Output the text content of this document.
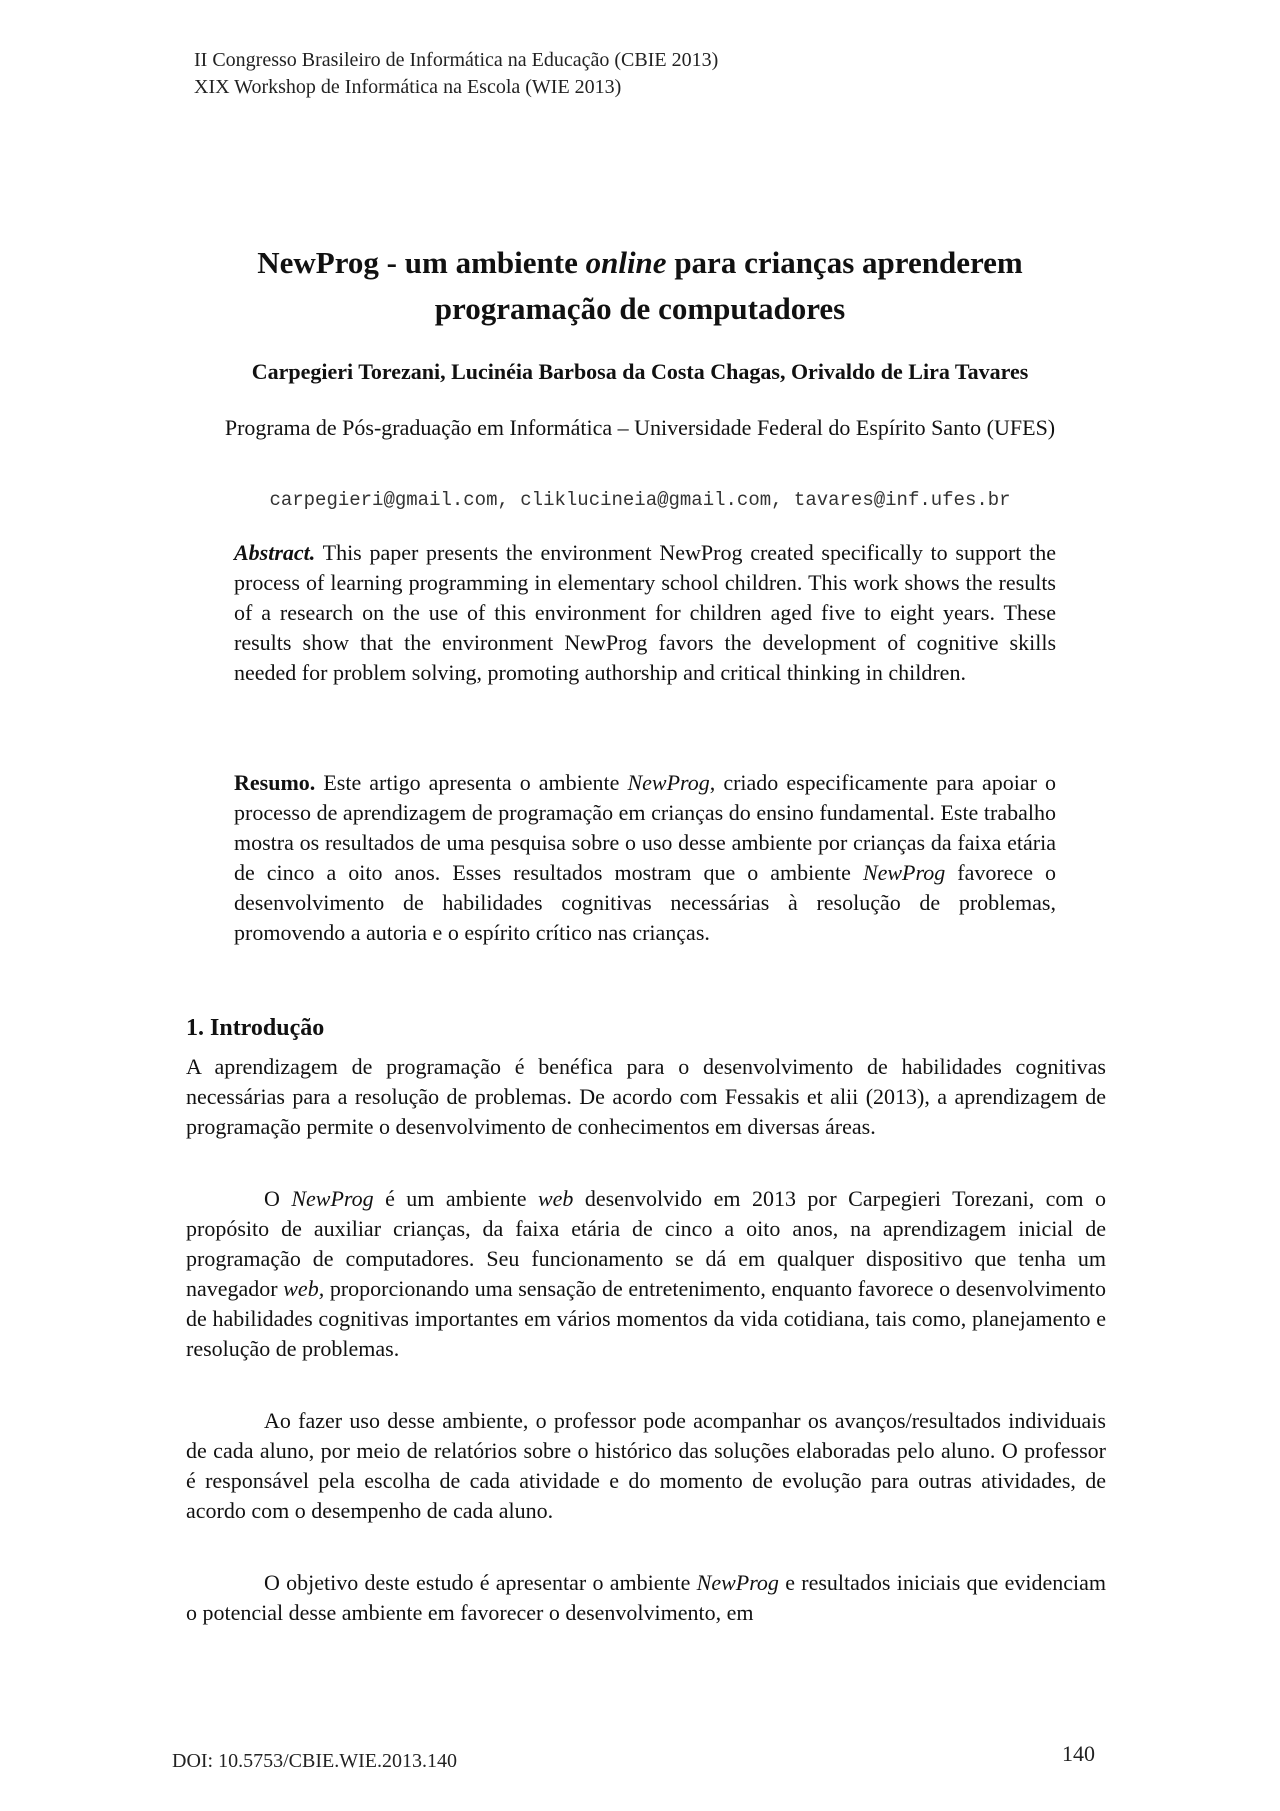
II Congresso Brasileiro de Informática na Educação (CBIE 2013)
XIX Workshop de Informática na Escola (WIE 2013)
NewProg - um ambiente online para crianças aprenderem programação de computadores
Carpegieri Torezani, Lucinéia Barbosa da Costa Chagas, Orivaldo de Lira Tavares
Programa de Pós-graduação em Informática – Universidade Federal do Espírito Santo (UFES)
carpegieri@gmail.com, cliklucineia@gmail.com, tavares@inf.ufes.br
Abstract. This paper presents the environment NewProg created specifically to support the process of learning programming in elementary school children. This work shows the results of a research on the use of this environment for children aged five to eight years. These results show that the environment NewProg favors the development of cognitive skills needed for problem solving, promoting authorship and critical thinking in children.
Resumo. Este artigo apresenta o ambiente NewProg, criado especificamente para apoiar o processo de aprendizagem de programação em crianças do ensino fundamental. Este trabalho mostra os resultados de uma pesquisa sobre o uso desse ambiente por crianças da faixa etária de cinco a oito anos. Esses resultados mostram que o ambiente NewProg favorece o desenvolvimento de habilidades cognitivas necessárias à resolução de problemas, promovendo a autoria e o espírito crítico nas crianças.
1. Introdução
A aprendizagem de programação é benéfica para o desenvolvimento de habilidades cognitivas necessárias para a resolução de problemas. De acordo com Fessakis et alii (2013), a aprendizagem de programação permite o desenvolvimento de conhecimentos em diversas áreas.
O NewProg é um ambiente web desenvolvido em 2013 por Carpegieri Torezani, com o propósito de auxiliar crianças, da faixa etária de cinco a oito anos, na aprendizagem inicial de programação de computadores. Seu funcionamento se dá em qualquer dispositivo que tenha um navegador web, proporcionando uma sensação de entretenimento, enquanto favorece o desenvolvimento de habilidades cognitivas importantes em vários momentos da vida cotidiana, tais como, planejamento e resolução de problemas.
Ao fazer uso desse ambiente, o professor pode acompanhar os avanços/resultados individuais de cada aluno, por meio de relatórios sobre o histórico das soluções elaboradas pelo aluno. O professor é responsável pela escolha de cada atividade e do momento de evolução para outras atividades, de acordo com o desempenho de cada aluno.
O objetivo deste estudo é apresentar o ambiente NewProg e resultados iniciais que evidenciam o potencial desse ambiente em favorecer o desenvolvimento, em
DOI: 10.5753/CBIE.WIE.2013.140	140
